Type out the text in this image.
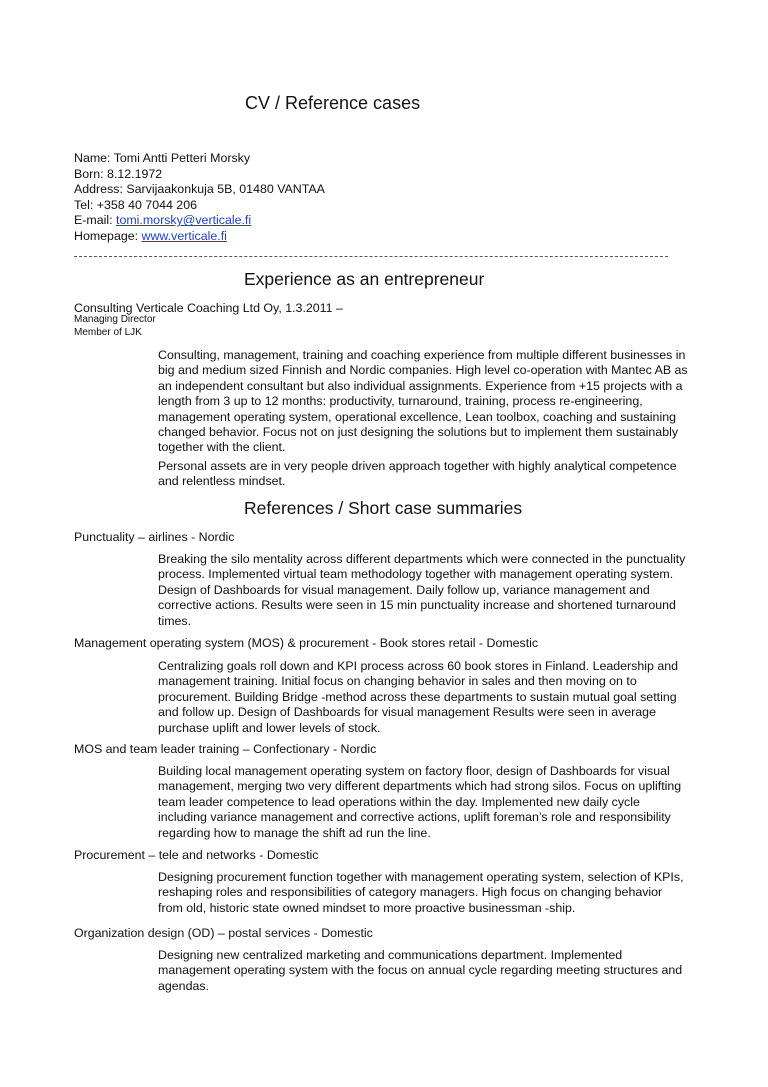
CV / Reference cases
Name: Tomi Antti Petteri Morsky
Born: 8.12.1972
Address: Sarvijaakonkuja 5B, 01480 VANTAA
Tel: +358 40 7044 206
E-mail: tomi.morsky@verticale.fi
Homepage: www.verticale.fi
Experience as an entrepreneur
Consulting Verticale Coaching Ltd Oy, 1.3.2011 –
Managing Director
Member of LJK
Consulting, management, training and coaching experience from multiple different businesses in big and medium sized Finnish and Nordic companies. High level co-operation with Mantec AB as an independent consultant but also individual assignments. Experience from +15 projects with a length from 3 up to 12 months: productivity, turnaround, training, process re-engineering, management operating system, operational excellence, Lean toolbox, coaching and sustaining changed behavior. Focus not on just designing the solutions but to implement them sustainably together with the client.
Personal assets are in very people driven approach together with highly analytical competence and relentless mindset.
References / Short case summaries
Punctuality – airlines - Nordic
Breaking the silo mentality across different departments which were connected in the punctuality process. Implemented virtual team methodology together with management operating system. Design of Dashboards for visual management. Daily follow up, variance management and corrective actions. Results were seen in 15 min punctuality increase and shortened turnaround times.
Management operating system (MOS) & procurement - Book stores retail - Domestic
Centralizing goals roll down and KPI process across 60 book stores in Finland. Leadership and management training. Initial focus on changing behavior in sales and then moving on to procurement. Building Bridge -method across these departments to sustain mutual goal setting and follow up. Design of Dashboards for visual management Results were seen in average purchase uplift and lower levels of stock.
MOS and team leader training – Confectionary - Nordic
Building local management operating system on factory floor, design of Dashboards for visual management, merging two very different departments which had strong silos. Focus on uplifting team leader competence to lead operations within the day. Implemented new daily cycle including variance management and corrective actions, uplift foreman’s role and responsibility regarding how to manage the shift ad run the line.
Procurement – tele and networks - Domestic
Designing procurement function together with management operating system, selection of KPIs, reshaping roles and responsibilities of category managers. High focus on changing behavior from old, historic state owned mindset to more proactive businessman -ship.
Organization design (OD) – postal services - Domestic
Designing new centralized marketing and communications department. Implemented management operating system with the focus on annual cycle regarding meeting structures and agendas.
